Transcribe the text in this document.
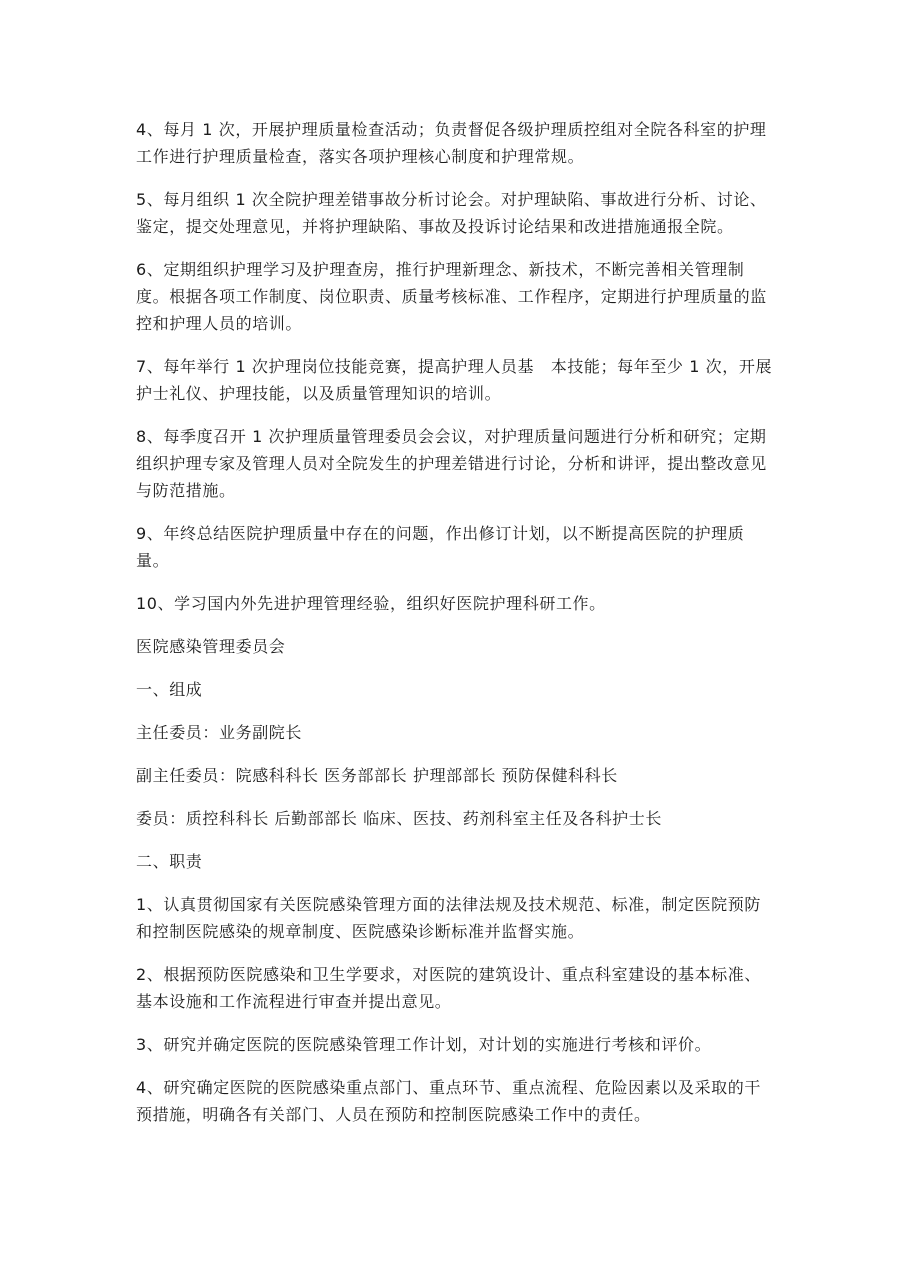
4、每月 1 次，开展护理质量检查活动；负责督促各级护理质控组对全院各科室的护理工作进行护理质量检查，落实各项护理核心制度和护理常规。

5、每月组织 1 次全院护理差错事故分析讨论会。对护理缺陷、事故进行分析、讨论、鉴定，提交处理意见，并将护理缺陷、事故及投诉讨论结果和改进措施通报全院。

6、定期组织护理学习及护理查房，推行护理新理念、新技术，不断完善相关管理制度。根据各项工作制度、岗位职责、质量考核标准、工作程序，定期进行护理质量的监控和护理人员的培训。

7、每年举行 1 次护理岗位技能竞赛，提高护理人员基　本技能；每年至少 1 次，开展护士礼仪、护理技能，以及质量管理知识的培训。

8、每季度召开 1 次护理质量管理委员会会议，对护理质量问题进行分析和研究；定期组织护理专家及管理人员对全院发生的护理差错进行讨论，分析和讲评，提出整改意见与防范措施。

9、年终总结医院护理质量中存在的问题，作出修订计划，以不断提高医院的护理质量。

10、学习国内外先进护理管理经验，组织好医院护理科研工作。

医院感染管理委员会

一、组成

主任委员：业务副院长

副主任委员：院感科科长 医务部部长 护理部部长 预防保健科科长

委员：质控科科长 后勤部部长 临床、医技、药剂科室主任及各科护士长

二、职责

1、认真贯彻国家有关医院感染管理方面的法律法规及技术规范、标准，制定医院预防和控制医院感染的规章制度、医院感染诊断标准并监督实施。

2、根据预防医院感染和卫生学要求，对医院的建筑设计、重点科室建设的基本标准、基本设施和工作流程进行审查并提出意见。

3、研究并确定医院的医院感染管理工作计划，对计划的实施进行考核和评价。

4、研究确定医院的医院感染重点部门、重点环节、重点流程、危险因素以及采取的干预措施，明确各有关部门、人员在预防和控制医院感染工作中的责任。
